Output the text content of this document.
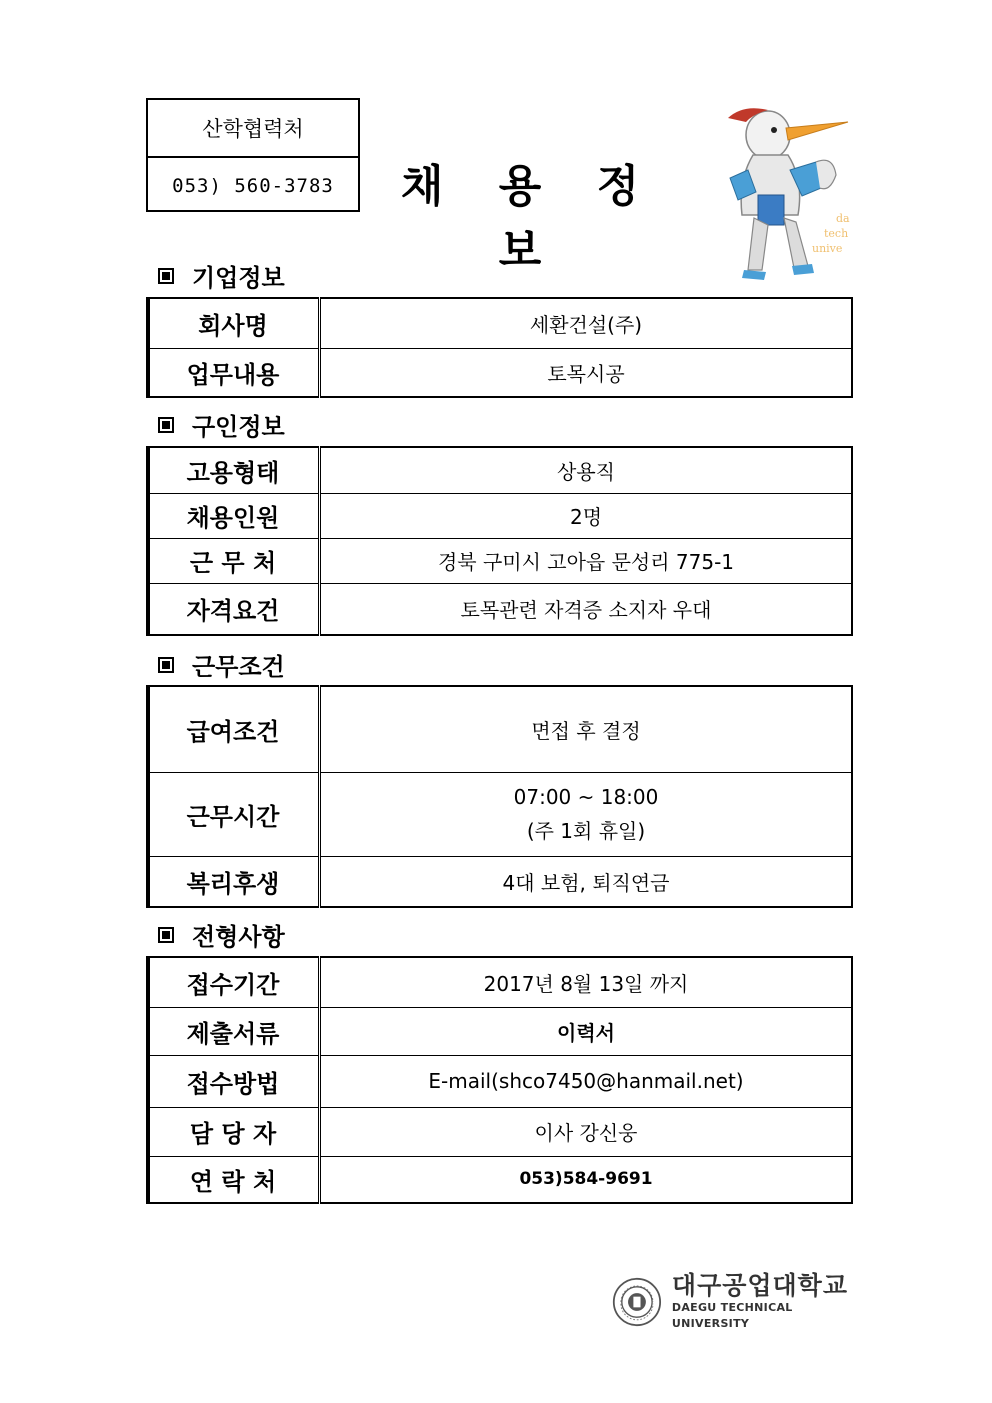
산학협력처
053) 560-3783	채 용 정 보
da
tech
unive
기업정보
회사명	세환건설(주)
업무내용	토목시공
구인정보
고용형태	상용직
채용인원	2명
근 무 처	경북 구미시 고아읍 문성리 775-1
자격요건	토목관련 자격증 소지자 우대
근무조건
급여조건	면접 후 결정
근무시간	07:00 ~ 18:00
(주 1회 휴일)

복리후생	4대 보험, 퇴직연금
전형사항
접수기간	2017년 8월 13일 까지
제출서류	이력서
접수방법	E-mail(shco7450@hanmail.net)
담 당 자	이사 강신웅
연 락 처	053)584-9691
대구공업대학교
DAEGU TECHNICAL UNIVERSITY
